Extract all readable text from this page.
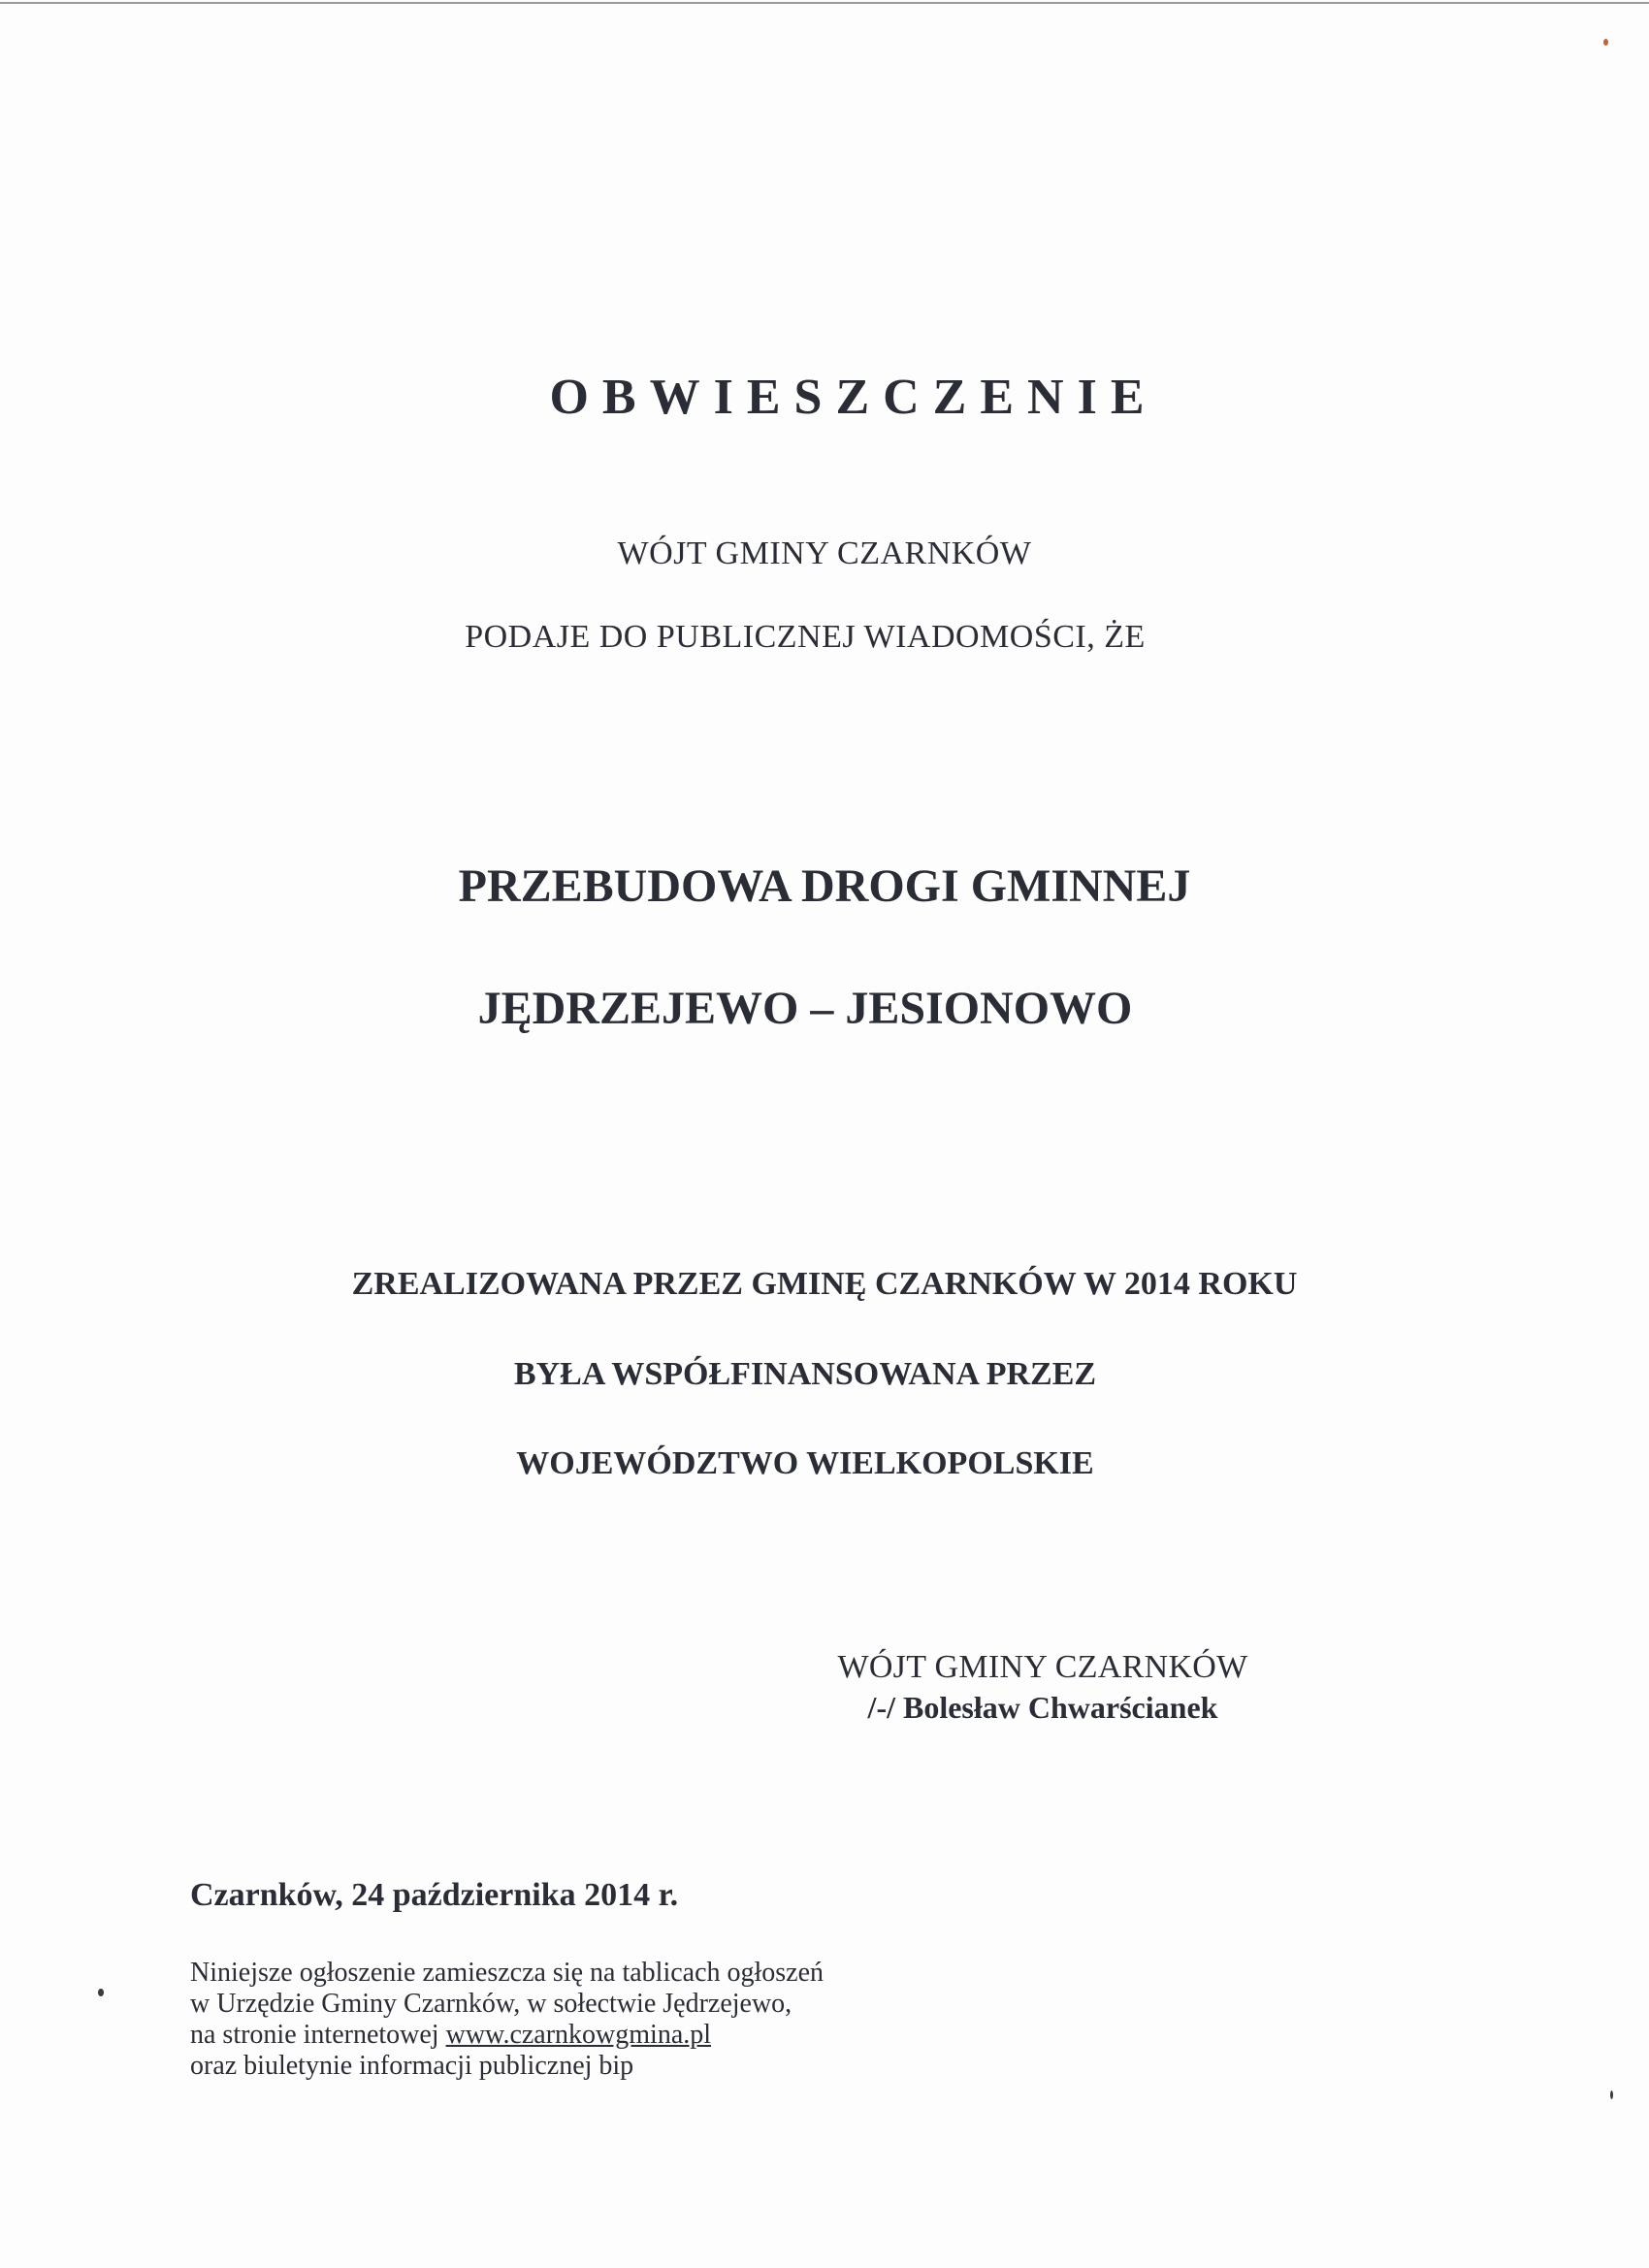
OBWIESZCZENIE
WÓJT GMINY CZARNKÓW
PODAJE DO PUBLICZNEJ WIADOMOŚCI, ŻE
PRZEBUDOWA DROGI GMINNEJ
JĘDRZEJEWO – JESIONOWO
ZREALIZOWANA PRZEZ GMINĘ CZARNKÓW W 2014 ROKU
BYŁA WSPÓŁFINANSOWANA PRZEZ
WOJEWÓDZTWO WIELKOPOLSKIE
WÓJT GMINY CZARNKÓW
/-/ Bolesław Chwarścianek
Czarnków, 24 października 2014 r.
Niniejsze ogłoszenie zamieszcza się na tablicach ogłoszeń
w Urzędzie Gminy Czarnków, w sołectwie Jędrzejewo,
na stronie internetowej www.czarnkowgmina.pl
oraz biuletynie informacji publicznej bip
